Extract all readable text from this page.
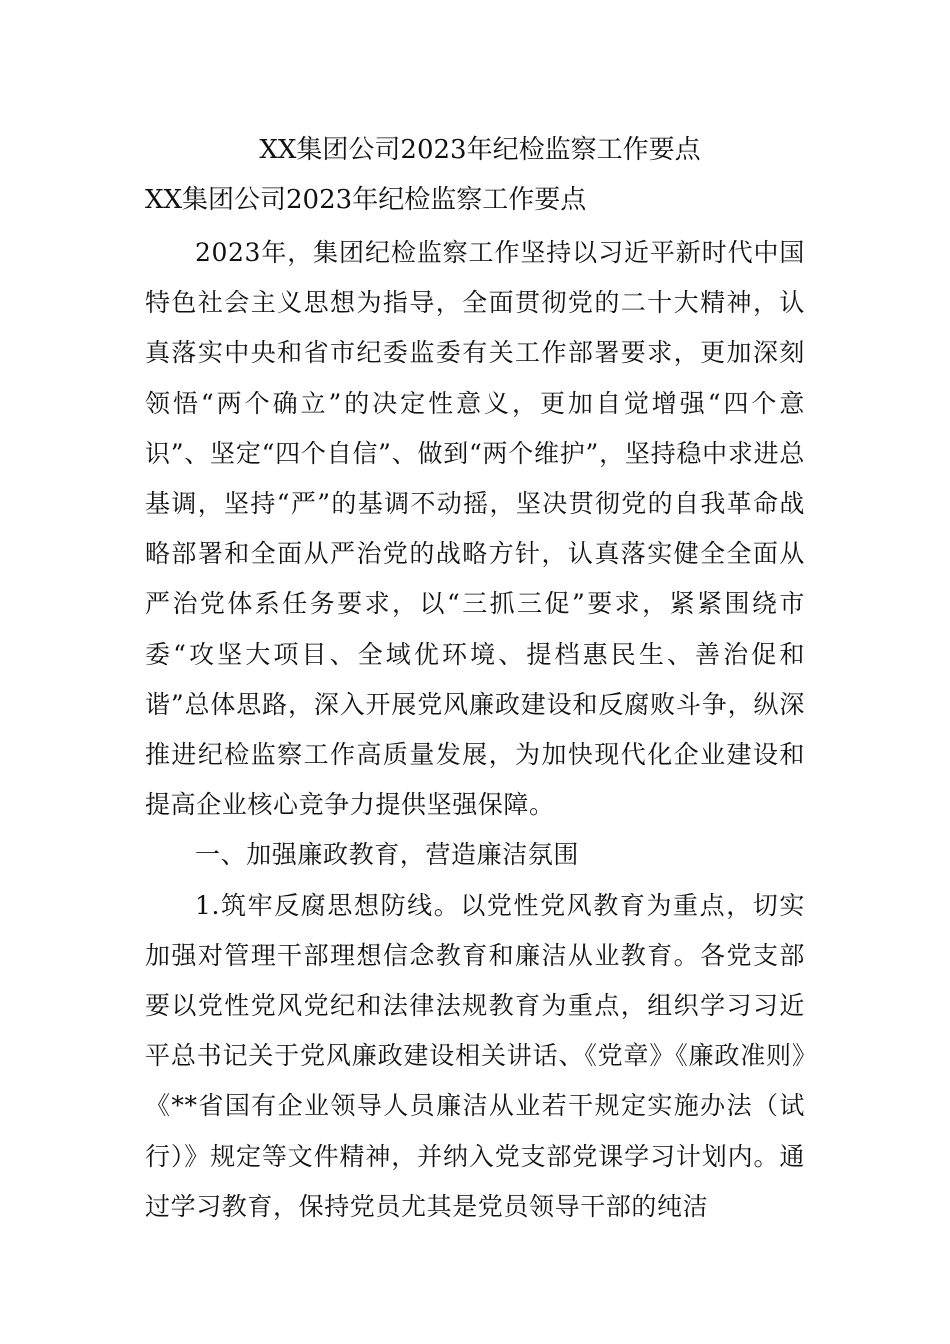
XX集团公司2023年纪检监察工作要点
XX集团公司2023年纪检监察工作要点

2023年，集团纪检监察工作坚持以习近平新时代中国特色社会主义思想为指导，全面贯彻党的二十大精神，认真落实中央和省市纪委监委有关工作部署要求，更加深刻领悟“两个确立”的决定性意义，更加自觉增强“四个意识”、坚定“四个自信”、做到“两个维护”，坚持稳中求进总基调，坚持“严”的基调不动摇，坚决贯彻党的自我革命战略部署和全面从严治党的战略方针，认真落实健全全面从严治党体系任务要求，以“三抓三促”要求，紧紧围绕市委“攻坚大项目、全域优环境、提档惠民生、善治促和谐”总体思路，深入开展党风廉政建设和反腐败斗争，纵深推进纪检监察工作高质量发展，为加快现代化企业建设和提高企业核心竞争力提供坚强保障。

一、加强廉政教育，营造廉洁氛围

1.筑牢反腐思想防线。以党性党风教育为重点，切实加强对管理干部理想信念教育和廉洁从业教育。各党支部要以党性党风党纪和法律法规教育为重点，组织学习习近平总书记关于党风廉政建设相关讲话、《党章》《廉政准则》《**省国有企业领导人员廉洁从业若干规定实施办法（试行）》规定等文件精神，并纳入党支部党课学习计划内。通过学习教育，保持党员尤其是党员领导干部的纯洁
